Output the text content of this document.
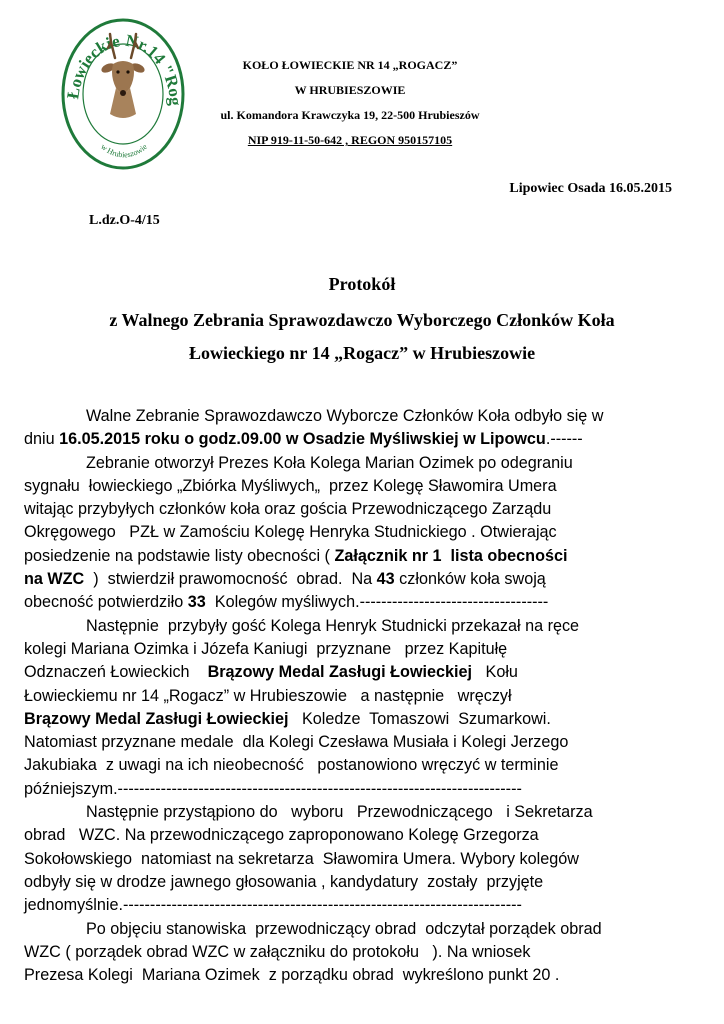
Łowieckie Nr.14 "Rog
w Hrubieszowie
KOŁO ŁOWIECKIE NR 14 „ROGACZ”
W HRUBIESZOWIE
ul. Komandora Krawczyka 19, 22-500 Hrubieszów
NIP 919-11-50-642 , REGON 950157105
Lipowiec Osada 16.05.2015
L.dz.O-4/15
Protokół
z Walnego Zebrania Sprawozdawczo Wyborczego Członków Koła
Łowieckiego nr 14 „Rogacz” w Hrubieszowie
Walne Zebranie Sprawozdawczo Wyborcze Członków Koła odbyło się w
dniu 16.05.2015 roku o godz.09.00 w Osadzie Myśliwskiej w Lipowcu .------
Zebranie otworzył Prezes Koła Kolega Marian Ozimek po odegraniu
sygnału  łowieckiego „Zbiórka Myśliwych„  przez Kolegę Sławomira Umera
witając przybyłych członków koła oraz gościa Przewodniczącego Zarządu
Okręgowego   PZŁ w Zamościu Kolegę Henryka Studnickiego . Otwierając
posiedzenie na podstawie listy obecności ( Załącznik nr 1  lista obecności
na WZC )  stwierdził prawomocność  obrad.  Na 43 członków koła swoją
obecność potwierdziło 33 Kolegów myśliwych.-----------------------------------
Następnie  przybyły gość Kolega Henryk Studnicki przekazał na ręce
kolegi Mariana Ozimka i Józefa Kaniugi  przyznane   przez Kapitułę
Odznaczeń Łowieckich Brązowy Medal Zasługi Łowieckiej Kołu
Łowieckiemu nr 14 „Rogacz” w Hrubieszowie   a następnie   wręczył
Brązowy Medal Zasługi Łowieckiej Koledze  Tomaszowi  Szumarkowi.
Natomiast przyznane medale  dla Kolegi Czesława Musiała i Kolegi Jerzego
Jakubiaka  z uwagi na ich nieobecność   postanowiono wręczyć w terminie
późniejszym.---------------------------------------------------------------------------
Następnie przystąpiono do   wyboru   Przewodniczącego   i Sekretarza
obrad   WZC. Na przewodniczącego zaproponowano Kolegę Grzegorza
Sokołowskiego  natomiast na sekretarza  Sławomira Umera. Wybory kolegów
odbyły się w drodze jawnego głosowania , kandydatury  zostały  przyjęte
jednomyślnie.--------------------------------------------------------------------------
Po objęciu stanowiska  przewodniczący obrad  odczytał porządek obrad
WZC ( porządek obrad WZC w załączniku do protokołu   ). Na wniosek
Prezesa Kolegi  Mariana Ozimek  z porządku obrad  wykreślono punkt 20 .
